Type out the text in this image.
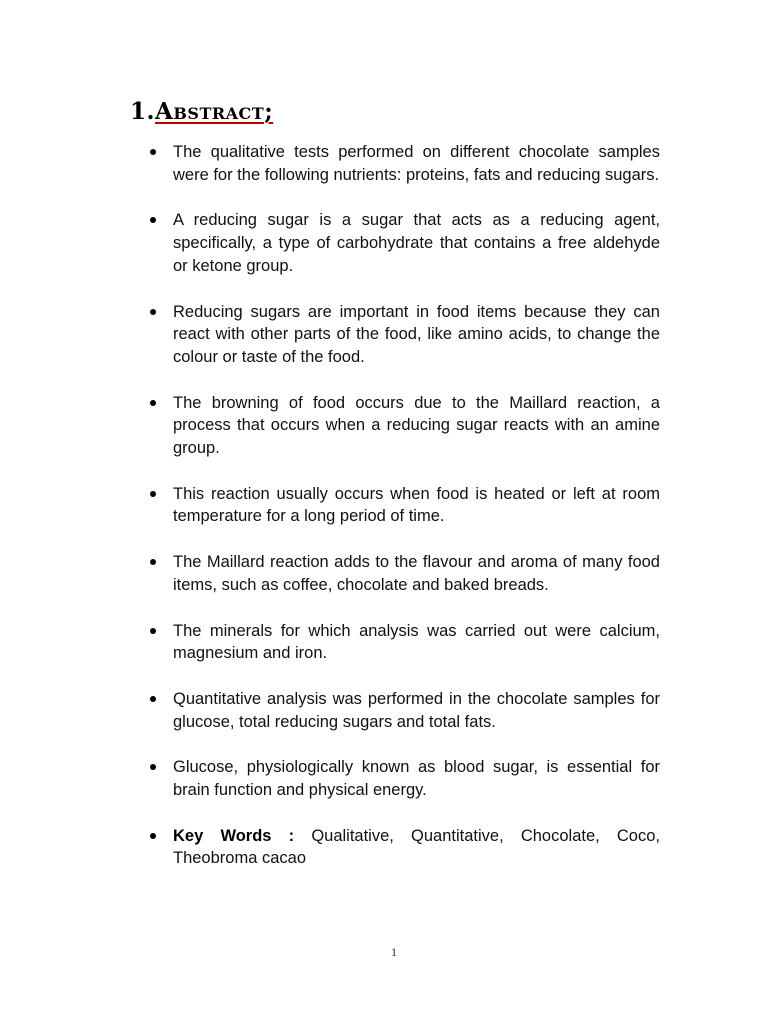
1.Abstract;

The qualitative tests performed on different chocolate samples were for the following nutrients: proteins, fats and reducing sugars.

A reducing sugar is a sugar that acts as a reducing agent, specifically, a type of carbohydrate that contains a free aldehyde or ketone group.

Reducing sugars are important in food items because they can react with other parts of the food, like amino acids, to change the colour or taste of the food.

The browning of food occurs due to the Maillard reaction, a process that occurs when a reducing sugar reacts with an amine group.

This reaction usually occurs when food is heated or left at room temperature for a long period of time.

The Maillard reaction adds to the flavour and aroma of many food items, such as coffee, chocolate and baked breads.

The minerals for which analysis was carried out were calcium, magnesium and iron.

Quantitative analysis was performed in the chocolate samples for glucose, total reducing sugars and total fats.

Glucose, physiologically known as blood sugar, is essential for brain function and physical energy.

Key Words : Qualitative, Quantitative, Chocolate, Coco, Theobroma cacao

1
